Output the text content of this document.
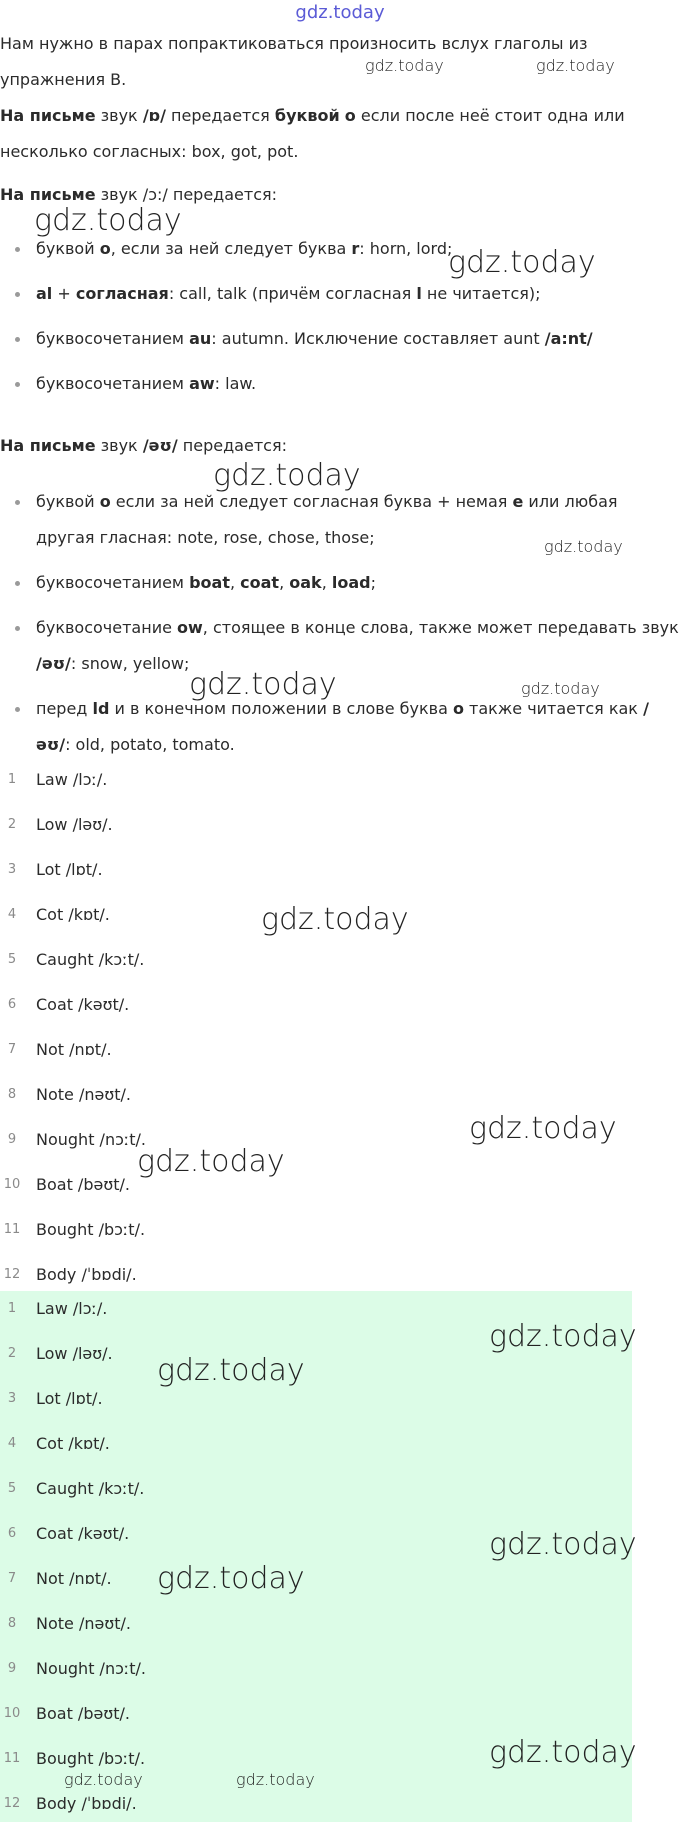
gdz.today

Нам нужно в парах попрактиковаться произносить вслух глаголы из упражнения B.

На письме звук /ɒ/ передается буквой о если после неё стоит одна или несколько согласных: box, got, pot.

На письме звук /ɔ:/ передается:

буквой о, если за ней следует буква r: horn, lord;
al + согласная: call, talk (причём согласная l не читается);
буквосочетанием au: autumn. Исключение составляет aunt /a:nt/
буквосочетанием aw: law.

На письме звук /əʊ/ передается:

буквой о если за ней следует согласная буква + немая е или любая другая гласная: note, rose, chose, those;
буквосочетанием boat, coat, oak, load;
буквосочетание ow, стоящее в конце слова, также может передавать звук /əʊ/: snow, yellow;
перед ld и в конечном положении в слове буква о также читается как /əʊ/: old, potato, tomato.
1	Law /lɔː/.
2	Low /ləʊ/.
3	Lot /lɒt/.
4	Cot /kɒt/.
5	Caught /kɔːt/.
6	Coat /kəʊt/.
7	Not /nɒt/.
8	Note /nəʊt/.
9	Nought /nɔːt/.
10 Boat /bəʊt/.
11 Bought /bɔːt/.
12 Body /ˈbɒdi/.
1	Law /lɔː/.
2	Low /ləʊ/.
3	Lot /lɒt/.
4	Cot /kɒt/.
5	Caught /kɔːt/.
6	Coat /kəʊt/.
7	Not /nɒt/.
8	Note /nəʊt/.
9	Nought /nɔːt/.
10 Boat /bəʊt/.
11 Bought /bɔːt/.
12 Body /ˈbɒdi/.
gdz.today	gdz.today
gdz.today
gdz.today
gdz.today
gdz.today
gdz.today	gdz.today
gdz.today
gdz.today
gdz.today
gdz.today
gdz.today
gdz.today
gdz.today
gdz.today
gdz.today	gdz.today
